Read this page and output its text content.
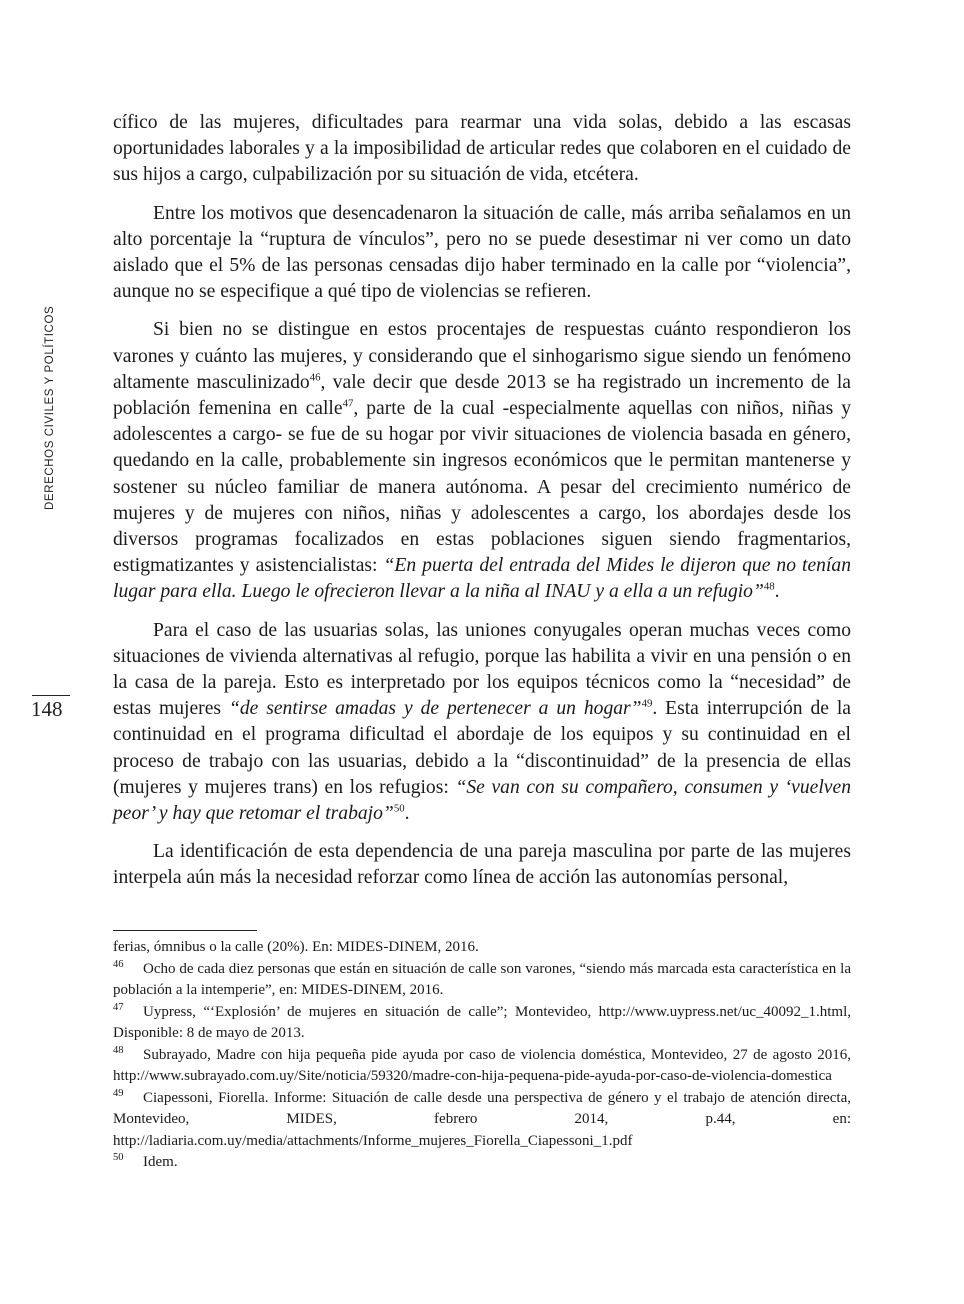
DERECHOS CIVILES Y POLÍTICOS
148

cífico de las mujeres, dificultades para rearmar una vida solas, debido a las escasas oportunidades laborales y a la imposibilidad de articular redes que colaboren en el cuidado de sus hijos a cargo, culpabilización por su situación de vida, etcétera.

Entre los motivos que desencadenaron la situación de calle, más arriba señalamos en un alto porcentaje la “ruptura de vínculos”, pero no se puede desestimar ni ver como un dato aislado que el 5% de las personas censadas dijo haber terminado en la calle por “violencia”, aunque no se especifique a qué tipo de violencias se refieren.

Si bien no se distingue en estos procentajes de respuestas cuánto respondieron los varones y cuánto las mujeres, y considerando que el sinhogarismo sigue siendo un fenómeno altamente masculinizado$^{46}$, vale decir que desde 2013 se ha registrado un incremento de la población femenina en calle$^{47}$, parte de la cual -especialmente aquellas con niños, niñas y adolescentes a cargo- se fue de su hogar por vivir situaciones de violencia basada en género, quedando en la calle, probablemente sin ingresos económicos que le permitan mantenerse y sostener su núcleo familiar de manera autónoma. A pesar del crecimiento numérico de mujeres y de mujeres con niños, niñas y adolescentes a cargo, los abordajes desde los diversos programas focalizados en estas poblaciones siguen siendo fragmentarios, estigmatizantes y asistencialistas: “En puerta del entrada del Mides le dijeron que no tenían lugar para ella. Luego le ofrecieron llevar a la niña al INAU y a ella a un refugio”$^{48}$.

Para el caso de las usuarias solas, las uniones conyugales operan muchas veces como situaciones de vivienda alternativas al refugio, porque las habilita a vivir en una pensión o en la casa de la pareja. Esto es interpretado por los equipos técnicos como la “necesidad” de estas mujeres “de sentirse amadas y de pertenecer a un hogar”$^{49}$. Esta interrupción de la continuidad en el programa dificultad el abordaje de los equipos y su continuidad en el proceso de trabajo con las usuarias, debido a la “discontinuidad” de la presencia de ellas (mujeres y mujeres trans) en los refugios: “Se van con su compañero, consumen y ‘vuelven peor’ y hay que retomar el trabajo”$^{50}$.

La identificación de esta dependencia de una pareja masculina por parte de las mujeres interpela aún más la necesidad reforzar como línea de acción las autonomías personal,

ferias, ómnibus o la calle (20%). En: MIDES-DINEM, 2016.

46 Ocho de cada diez personas que están en situación de calle son varones, “siendo más marcada esta característica en la población a la intemperie”, en: MIDES-DINEM, 2016.

47 Uypress, “‘Explosión’ de mujeres en situación de calle”; Montevideo, http://www.uypress.net/uc_40092_1.html, Disponible: 8 de mayo de 2013.

48 Subrayado, Madre con hija pequeña pide ayuda por caso de violencia doméstica, Montevideo, 27 de agosto 2016, http://www.subrayado.com.uy/Site/noticia/59320/madre-con-hija-pequena-pide-ayuda-por-caso-de-violencia-domestica

49 Ciapessoni, Fiorella. Informe: Situación de calle desde una perspectiva de género y el trabajo de atención directa, Montevideo, MIDES, febrero 2014, p.44, en: http://ladiaria.com.uy/media/attachments/Informe_mujeres_Fiorella_Ciapessoni_1.pdf

50 Idem.
